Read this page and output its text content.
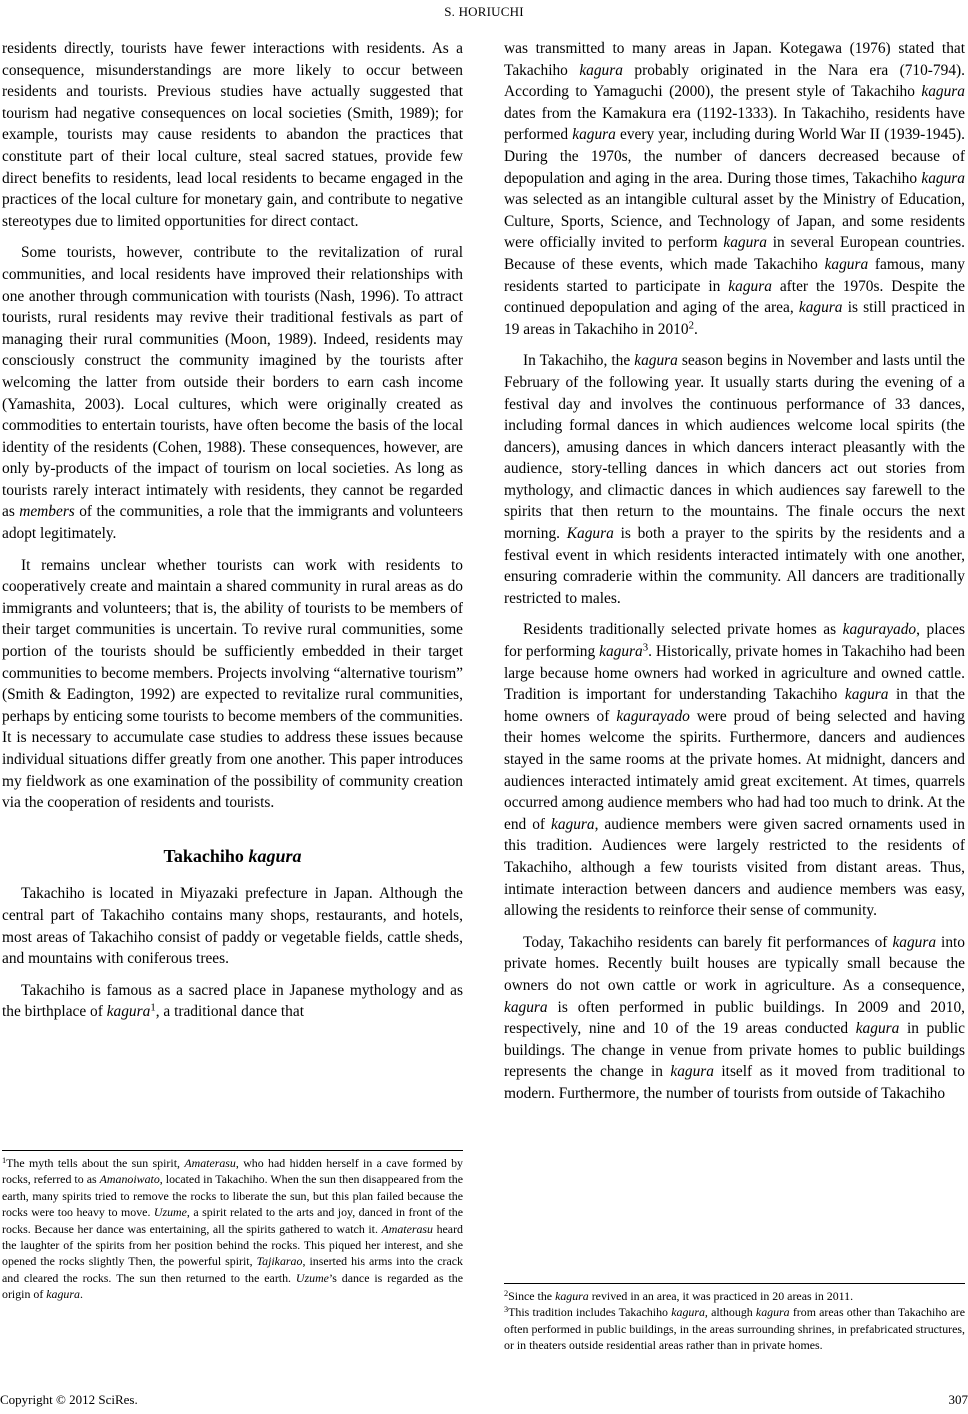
S. HORIUCHI

residents directly, tourists have fewer interactions with residents. As a consequence, misunderstandings are more likely to occur between residents and tourists. Previous studies have actually suggested that tourism had negative consequences on local societies (Smith, 1989); for example, tourists may cause residents to abandon the practices that constitute part of their local culture, steal sacred statues, provide few direct benefits to residents, lead local residents to became engaged in the practices of the local culture for monetary gain, and contribute to negative stereotypes due to limited opportunities for direct contact.

Some tourists, however, contribute to the revitalization of rural communities, and local residents have improved their relationships with one another through communication with tourists (Nash, 1996). To attract tourists, rural residents may revive their traditional festivals as part of managing their rural communities (Moon, 1989). Indeed, residents may consciously construct the community imagined by the tourists after welcoming the latter from outside their borders to earn cash income (Yamashita, 2003). Local cultures, which were originally created as commodities to entertain tourists, have often become the basis of the local identity of the residents (Cohen, 1988). These consequences, however, are only by-products of the impact of tourism on local societies. As long as tourists rarely interact intimately with residents, they cannot be regarded as members of the communities, a role that the immigrants and volunteers adopt legitimately.

It remains unclear whether tourists can work with residents to cooperatively create and maintain a shared community in rural areas as do immigrants and volunteers; that is, the ability of tourists to be members of their target communities is uncertain. To revive rural communities, some portion of the tourists should be sufficiently embedded in their target communities to become members. Projects involving “alternative tourism” (Smith & Eadington, 1992) are expected to revitalize rural communities, perhaps by enticing some tourists to become members of the communities. It is necessary to accumulate case studies to address these issues because individual situations differ greatly from one another. This paper introduces my fieldwork as one examination of the possibility of community creation via the cooperation of residents and tourists.

Takachiho kagura

Takachiho is located in Miyazaki prefecture in Japan. Although the central part of Takachiho contains many shops, restaurants, and hotels, most areas of Takachiho consist of paddy or vegetable fields, cattle sheds, and mountains with coniferous trees.

Takachiho is famous as a sacred place in Japanese mythology and as the birthplace of kagura$^1$, a traditional dance that

$^1$The myth tells about the sun spirit, Amaterasu, who had hidden herself in a cave formed by rocks, referred to as Amanoiwato, located in Takachiho. When the sun then disappeared from the earth, many spirits tried to remove the rocks to liberate the sun, but this plan failed because the rocks were too heavy to move. Uzume, a spirit related to the arts and joy, danced in front of the rocks. Because her dance was entertaining, all the spirits gathered to watch it. Amaterasu heard the laughter of the spirits from her position behind the rocks. This piqued her interest, and she opened the rocks slightly Then, the powerful spirit, Tajikarao, inserted his arms into the crack and cleared the rocks. The sun then returned to the earth. Uzume’s dance is regarded as the origin of kagura.

was transmitted to many areas in Japan. Kotegawa (1976) stated that Takachiho kagura probably originated in the Nara era (710-794). According to Yamaguchi (2000), the present style of Takachiho kagura dates from the Kamakura era (1192-1333). In Takachiho, residents have performed kagura every year, including during World War II (1939-1945). During the 1970s, the number of dancers decreased because of depopulation and aging in the area. During those times, Takachiho kagura was selected as an intangible cultural asset by the Ministry of Education, Culture, Sports, Science, and Technology of Japan, and some residents were officially invited to perform kagura in several European countries. Because of these events, which made Takachiho kagura famous, many residents started to participate in kagura after the 1970s. Despite the continued depopulation and aging of the area, kagura is still practiced in 19 areas in Takachiho in 2010$^2$.

In Takachiho, the kagura season begins in November and lasts until the February of the following year. It usually starts during the evening of a festival day and involves the continuous performance of 33 dances, including formal dances in which audiences welcome local spirits (the dancers), amusing dances in which dancers interact pleasantly with the audience, story-telling dances in which dancers act out stories from mythology, and climactic dances in which audiences say farewell to the spirits that then return to the mountains. The finale occurs the next morning. Kagura is both a prayer to the spirits by the residents and a festival event in which residents interacted intimately with one another, ensuring comraderie within the community. All dancers are traditionally restricted to males.

Residents traditionally selected private homes as kagurayado, places for performing kagura$^3$. Historically, private homes in Takachiho had been large because home owners had worked in agriculture and owned cattle. Tradition is important for understanding Takachiho kagura in that the home owners of kagurayado were proud of being selected and having their homes welcome the spirits. Furthermore, dancers and audiences stayed in the same rooms at the private homes. At midnight, dancers and audiences interacted intimately amid great excitement. At times, quarrels occurred among audience members who had had too much to drink. At the end of kagura, audience members were given sacred ornaments used in this tradition. Audiences were largely restricted to the residents of Takachiho, although a few tourists visited from distant areas. Thus, intimate interaction between dancers and audience members was easy, allowing the residents to reinforce their sense of community.

Today, Takachiho residents can barely fit performances of kagura into private homes. Recently built houses are typically small because the owners do not own cattle or work in agriculture. As a consequence, kagura is often performed in public buildings. In 2009 and 2010, respectively, nine and 10 of the 19 areas conducted kagura in public buildings. The change in venue from private homes to public buildings represents the change in kagura itself as it moved from traditional to modern. Furthermore, the number of tourists from outside of Takachiho

$^2$Since the kagura revived in an area, it was practiced in 20 areas in 2011.

$^3$This tradition includes Takachiho kagura, although kagura from areas other than Takachiho are often performed in public buildings, in the areas surrounding shrines, in prefabricated structures, or in theaters outside residential areas rather than in private homes.

Copyright © 2012 SciRes.	307
